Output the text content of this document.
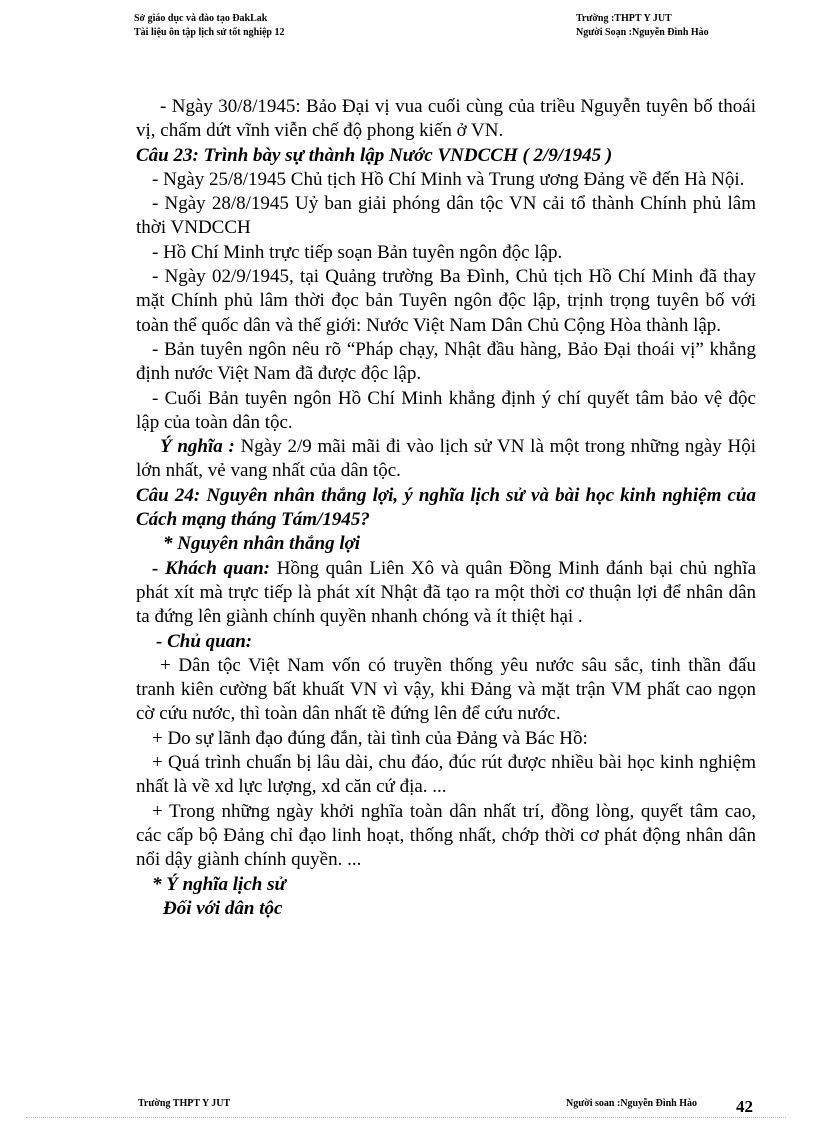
Sở giáo dục và đào tạo ĐakLak
Tài liệu ôn tập lịch sử tốt nghiệp 12
Trường :THPT Y JUT
Người Soạn :Nguyễn Đình Hào

- Ngày 30/8/1945: Bảo Đại vị vua cuối cùng của triều Nguyễn tuyên bố thoái vị, chấm dứt vĩnh viễn chế độ phong kiến ở VN.

Câu 23: Trình bày sự thành lập Nước VNDCCH ( 2/9/1945 )

- Ngày 25/8/1945 Chủ tịch Hồ Chí Minh và Trung ương Đảng về đến Hà Nội.

- Ngày 28/8/1945 Uỷ ban giải phóng dân tộc VN cải tổ thành Chính phủ lâm thời VNDCCH

- Hồ Chí Minh trực tiếp soạn Bản tuyên ngôn độc lập.

- Ngày 02/9/1945, tại Quảng trường Ba Đình, Chủ tịch Hồ Chí Minh đã thay mặt Chính phủ lâm thời đọc bản Tuyên ngôn độc lập, trịnh trọng tuyên bố với toàn thể quốc dân và thế giới: Nước Việt Nam Dân Chủ Cộng Hòa thành lập.

- Bản tuyên ngôn nêu rõ “Pháp chạy, Nhật đầu hàng, Bảo Đại thoái vị” khẳng định nước Việt Nam đã được độc lập.

- Cuối Bản tuyên ngôn Hồ Chí Minh khẳng định ý chí quyết tâm bảo vệ độc lập của toàn dân tộc.

Ý nghĩa : Ngày 2/9 mãi mãi đi vào lịch sử VN là một trong những ngày Hội lớn nhất, vẻ vang nhất của dân tộc.

Câu 24: Nguyên nhân thắng lợi, ý nghĩa lịch sử và bài học kinh nghiệm của Cách mạng tháng Tám/1945?

* Nguyên nhân thắng lợi

- Khách quan: Hồng quân Liên Xô và quân Đồng Minh đánh bại chủ nghĩa phát xít mà trực tiếp là phát xít Nhật đã tạo ra một thời cơ thuận lợi để nhân dân ta đứng lên giành chính quyền nhanh chóng và ít thiệt hại .

- Chủ quan:

+ Dân tộc Việt Nam vốn có truyền thống yêu nước sâu sắc, tinh thần đấu tranh kiên cường bất khuất VN vì vậy, khi Đảng và mặt trận VM phất cao ngọn cờ cứu nước, thì toàn dân nhất tề đứng lên để cứu nước.

+ Do sự lãnh đạo đúng đắn, tài tình của Đảng và Bác Hồ:

+ Quá trình chuẩn bị lâu dài, chu đáo, đúc rút được nhiều bài học kinh nghiệm nhất là về xd lực lượng, xd căn cứ địa. ...

+ Trong những ngày khởi nghĩa toàn dân nhất trí, đồng lòng, quyết tâm cao, các cấp bộ Đảng chỉ đạo linh hoạt, thống nhất, chớp thời cơ phát động nhân dân nổi dậy giành chính quyền. ...

* Ý nghĩa lịch sử

Đối với dân tộc

Trường THPT Y JUT	Người soan :Nguyễn Đình Hào 42
